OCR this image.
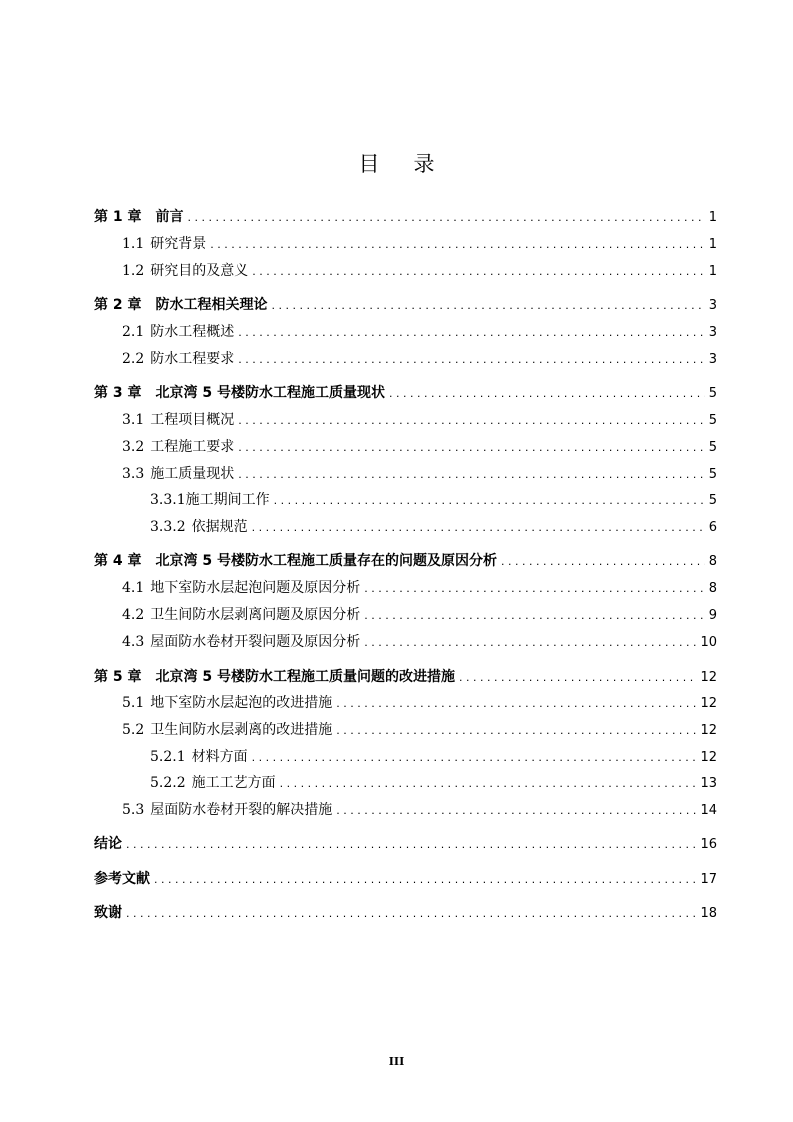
目 录
第 1 章 前言 . . .	1
1.1 研究背景 . . .	1
1.2 研究目的及意义 . . .	1
第 2 章 防水工程相关理论 . . .	3
2.1 防水工程概述 . . .	3
2.2 防水工程要求 . . .	3
第 3 章 北京湾 5 号楼防水工程施工质量现状 . . .	5
3.1 工程项目概况 . . .	5
3.2 工程施工要求 . . .	5
3.3 施工质量现状 . . .	5
3.3.1施工期间工作 . . .	5
3.3.2 依据规范 . . .	6
第 4 章 北京湾 5 号楼防水工程施工质量存在的问题及原因分析 . . .	8
4.1 地下室防水层起泡问题及原因分析 . . .	8
4.2 卫生间防水层剥离问题及原因分析 . . .	9
4.3 屋面防水卷材开裂问题及原因分析 . . .	10
第 5 章 北京湾 5 号楼防水工程施工质量问题的改进措施 . . .	12
5.1 地下室防水层起泡的改进措施 . . .	12
5.2 卫生间防水层剥离的改进措施 . . .	12
5.2.1 材料方面 . . .	12
5.2.2 施工工艺方面 . . .	13
5.3 屋面防水卷材开裂的解决措施 . . .	14
结论 . . .	16
参考文献 . . .	17
致谢 . . .	18
III
